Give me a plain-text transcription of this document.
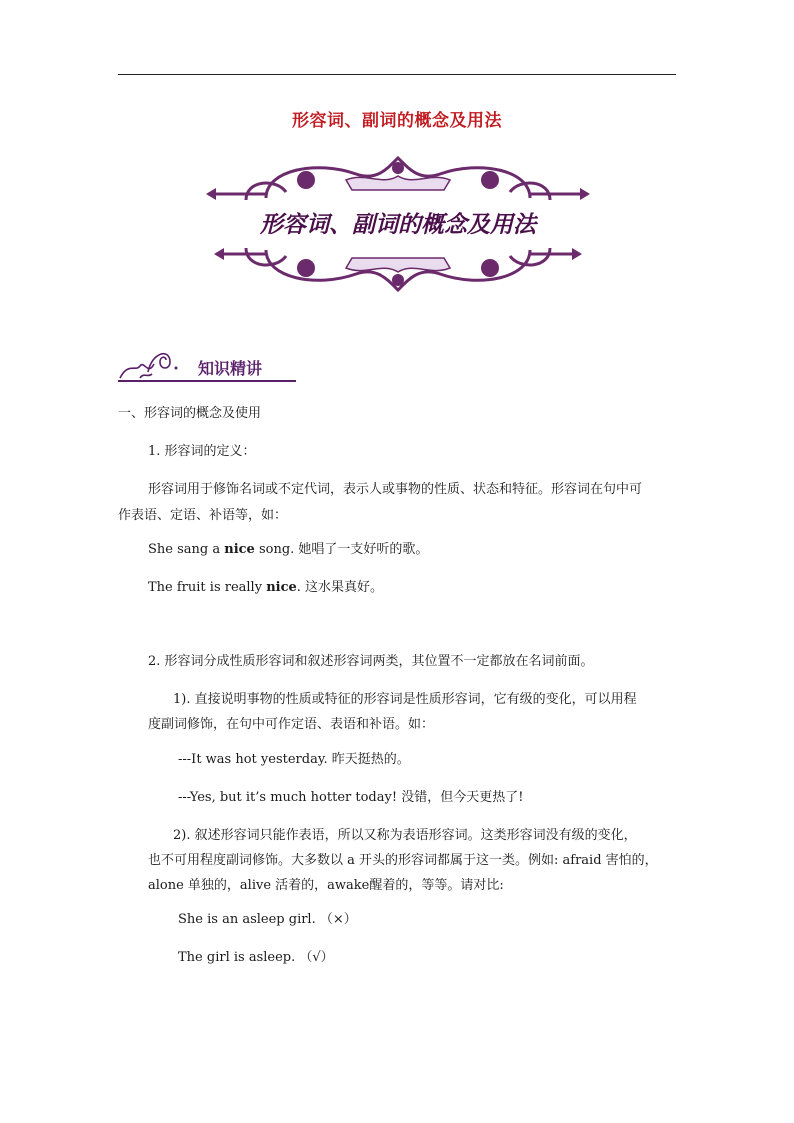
形容词、副词的概念及用法
形容词、副词的概念及用法
知识精讲
一、形容词的概念及使用
1. 形容词的定义：
形容词用于修饰名词或不定代词，表示人或事物的性质、状态和特征。形容词在句中可
作表语、定语、补语等，如：
She sang a nice song. 她唱了一支好听的歌。
The fruit is really nice. 这水果真好。
2. 形容词分成性质形容词和叙述形容词两类，其位置不一定都放在名词前面。
1). 直接说明事物的性质或特征的形容词是性质形容词，它有级的变化，可以用程
度副词修饰，在句中可作定语、表语和补语。如：
---It was hot yesterday. 昨天挺热的。
---Yes, but it’s much hotter today! 没错，但今天更热了!
2). 叙述形容词只能作表语，所以又称为表语形容词。这类形容词没有级的变化，
也不可用程度副词修饰。大多数以 a 开头的形容词都属于这一类。例如: afraid 害怕的，
alone 单独的，alive 活着的，awake醒着的，等等。请对比:
She is an asleep girl. （×）
The girl is asleep. （√）
